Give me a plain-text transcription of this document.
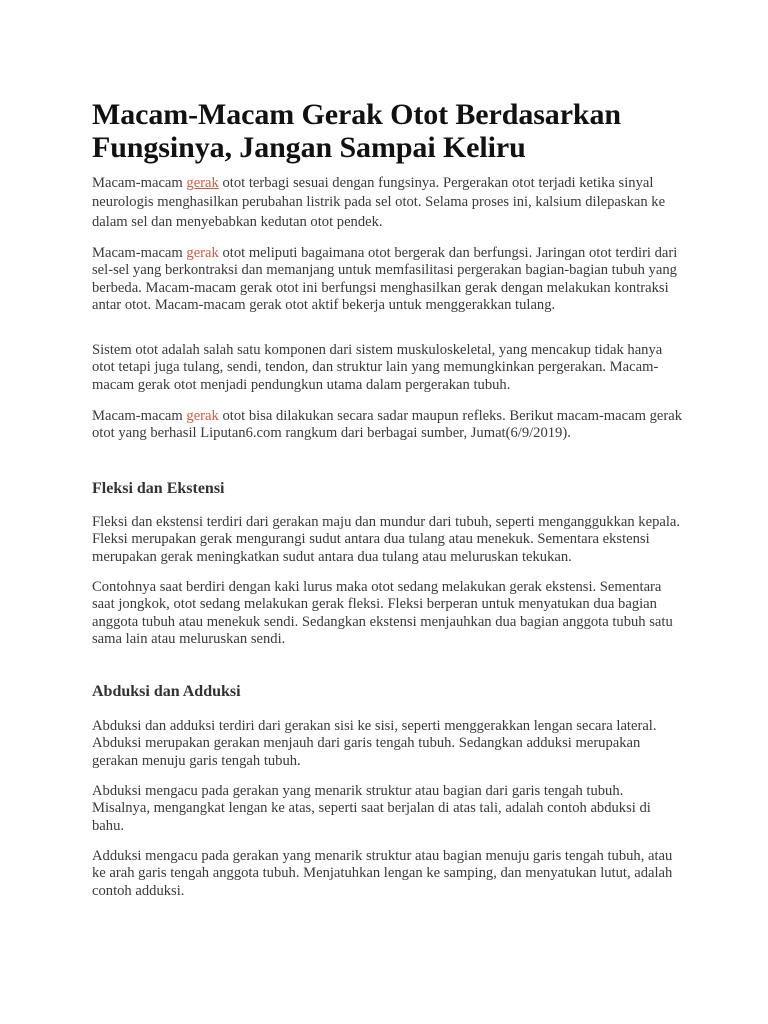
Macam-Macam Gerak Otot Berdasarkan Fungsinya, Jangan Sampai Keliru

Macam-macam gerak otot terbagi sesuai dengan fungsinya. Pergerakan otot terjadi ketika sinyal neurologis menghasilkan perubahan listrik pada sel otot. Selama proses ini, kalsium dilepaskan ke dalam sel dan menyebabkan kedutan otot pendek.

Macam-macam gerak otot meliputi bagaimana otot bergerak dan berfungsi. Jaringan otot terdiri dari sel-sel yang berkontraksi dan memanjang untuk memfasilitasi pergerakan bagian-bagian tubuh yang berbeda. Macam-macam gerak otot ini berfungsi menghasilkan gerak dengan melakukan kontraksi antar otot. Macam-macam gerak otot aktif bekerja untuk menggerakkan tulang.

Sistem otot adalah salah satu komponen dari sistem muskuloskeletal, yang mencakup tidak hanya otot tetapi juga tulang, sendi, tendon, dan struktur lain yang memungkinkan pergerakan. Macam-macam gerak otot menjadi pendungkun utama dalam pergerakan tubuh.

Macam-macam gerak otot bisa dilakukan secara sadar maupun refleks. Berikut macam-macam gerak otot yang berhasil Liputan6.com rangkum dari berbagai sumber, Jumat(6/9/2019).

Fleksi dan Ekstensi

Fleksi dan ekstensi terdiri dari gerakan maju dan mundur dari tubuh, seperti menganggukkan kepala. Fleksi merupakan gerak mengurangi sudut antara dua tulang atau menekuk. Sementara ekstensi merupakan gerak meningkatkan sudut antara dua tulang atau meluruskan tekukan.

Contohnya saat berdiri dengan kaki lurus maka otot sedang melakukan gerak ekstensi. Sementara saat jongkok, otot sedang melakukan gerak fleksi. Fleksi berperan untuk menyatukan dua bagian anggota tubuh atau menekuk sendi. Sedangkan ekstensi menjauhkan dua bagian anggota tubuh satu sama lain atau meluruskan sendi.

Abduksi dan Adduksi

Abduksi dan adduksi terdiri dari gerakan sisi ke sisi, seperti menggerakkan lengan secara lateral. Abduksi merupakan gerakan menjauh dari garis tengah tubuh. Sedangkan adduksi merupakan gerakan menuju garis tengah tubuh.

Abduksi mengacu pada gerakan yang menarik struktur atau bagian dari garis tengah tubuh. Misalnya, mengangkat lengan ke atas, seperti saat berjalan di atas tali, adalah contoh abduksi di bahu.

Adduksi mengacu pada gerakan yang menarik struktur atau bagian menuju garis tengah tubuh, atau ke arah garis tengah anggota tubuh. Menjatuhkan lengan ke samping, dan menyatukan lutut, adalah contoh adduksi.
